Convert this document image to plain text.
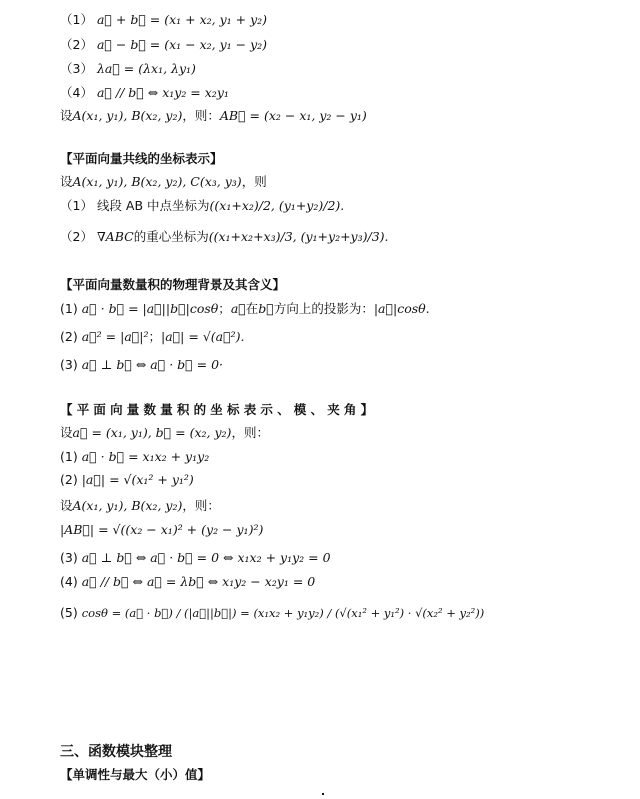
（1） a⃗ + b⃗ = (x₁ + x₂, y₁ + y₂)
（2） a⃗ − b⃗ = (x₁ − x₂, y₁ − y₂)
（3） λa⃗ = (λx₁, λy₁)
（4） a⃗ // b⃗ ⇔ x₁y₂ = x₂y₁
设A(x₁, y₁), B(x₂, y₂)，则：AB⃗ = (x₂ − x₁, y₂ − y₁)
【平面向量共线的坐标表示】
设A(x₁, y₁), B(x₂, y₂), C(x₃, y₃)，则
（1） 线段 AB 中点坐标为((x₁+x₂)/2, (y₁+y₂)/2).
（2） ∇ABC的重心坐标为((x₁+x₂+x₃)/3, (y₁+y₂+y₃)/3).
【平面向量数量积的物理背景及其含义】
(1) a⃗ · b⃗ = |a⃗||b⃗|cosθ；a⃗在b⃗方向上的投影为：|a⃗|cosθ.
(2) a⃗² = |a⃗|²；|a⃗| = √(a⃗²).
(3) a⃗ ⊥ b⃗ ⇔ a⃗ · b⃗ = 0·
【平面向量数量积的坐标表示、模、夹角】
设a⃗ = (x₁, y₁), b⃗ = (x₂, y₂)，则：
(1) a⃗ · b⃗ = x₁x₂ + y₁y₂
(2) |a⃗| = √(x₁² + y₁²)
设A(x₁, y₁), B(x₂, y₂)，则：
|AB⃗| = √((x₂ − x₁)² + (y₂ − y₁)²)
(3) a⃗ ⊥ b⃗ ⇔ a⃗ · b⃗ = 0 ⇔ x₁x₂ + y₁y₂ = 0
(4) a⃗ // b⃗ ⇔ a⃗ = λb⃗ ⇔ x₁y₂ − x₂y₁ = 0
(5) cosθ = (a⃗ · b⃗) / (|a⃗||b⃗|) = (x₁x₂ + y₁y₂) / (√(x₁² + y₁²) · √(x₂² + y₂²))
三、函数模块整理
【单调性与最大（小）值】
